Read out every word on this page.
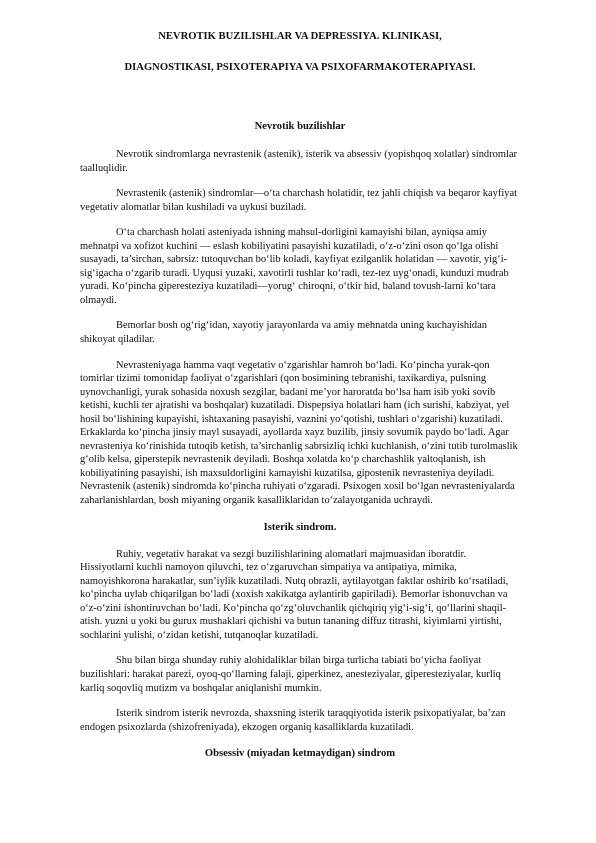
NEVROTIK BUZILISHLAR VA DEPRESSIYA. KLINIKASI,
DIAGNOSTIKASI, PSIXOTERAPIYA VA PSIXOFARMAKOTERAPIYASI.
Nevrotik buzilishlar

Nevrotik sindromlarga nevrastenik (astenik), isterik va absessiv (yopishqoq xolatlar) sindromlar taalluqlidir.

Nevrastenik (astenik) sindromlar—o‘ta charchash holatidir, tez jahli chiqish va beqaror kayfiyat vegetativ alomatlar bilan kushiladi va uykusi buziladi.

O‘ta charchash holati asteniyada ishning mahsul-dorligini kamayishi bilan, ayniqsa amiy mehnatpi va xofizot kuchini — eslash kobiliyatini pasayishi kuzatiladi, o‘z-o‘zini oson qo‘lga olishi susayadi, ta’sirchan, sabrsiz: tutoquvchan bo‘lib koladi, kayfiyat ezilganlik holatidan — xavotir, yig‘i-sig‘igacha o‘zgarib turadi. Uyqusi yuzaki, xavotirli tushlar ko‘radi, tez-tez uyg‘onadi, kunduzi mudrab yuradi. Ko‘pincha giperesteziya kuzatiladi—yorug‘ chiroqni, o‘tkir hid, baland tovush-larni ko‘tara olmaydi.

Bemorlar bosh og‘rig‘idan, xayotiy jarayonlarda va amiy mehnatda uning kuchayishidan shikoyat qiladilar.

Nevrasteniyaga hamma vaqt vegetativ o‘zgarishlar hamroh bo‘ladi. Ko‘pincha yurak-qon tomirlar tizimi tomonidap faoliyat o‘zgarishlari (qon bosimining tebranishi, taxikardiya, pulsning uynovchanligi, yurak sohasida noxush sezgilar, badani me’yor haroratda bo‘lsa ham isib yoki sovib ketishi, kuchli ter ajratishi va boshqalar) kuzatiladi. Dispepsiya holatlari ham (ich surishi, kabziyat, yel hosil bo‘lishining kupayishi, ishtaxaning pasayishi, vaznini yo‘qotishi, tushlari o‘zgarishi) kuzatiladi. Erkaklarda ko‘pincha jinsiy mayl susayadi, ayollarda xayz buzilib, jinsiy sovumik paydo bo‘ladi. Agar nevrasteniya ko‘rinishida tutoqib ketish, ta’sirchanlig sabrsizliq ichki kuchlanish, o‘zini tutib turolmaslik g‘olib kelsa, giperstepik nevrastenik deyiladi. Boshqa xolatda ko‘p charchashlik yaltoqlanish, ish kobiliyatining pasayishi, ish maxsuldorligini kamayishi kuzatilsa, gipostenik nevrasteniya deyiladi. Nevrastenik (astenik) sindromda ko‘pincha ruhiyati o‘zgaradi. Psixogen xosil bo‘lgan nevrasteniyalarda zaharlanishlardan, bosh miyaning organik kasalliklaridan to‘zalayotganida uchraydi.

Isterik sindrom.

Ruhiy, vegetativ harakat va sezgi buzilishlarining alomatlari majmuasidan iboratdir. Hissiyotlarni kuchli namoyon qiluvchi, tez o‘zgaruvchan simpatiya va antipatiya, mimika, namoyishkorona harakatlar, sun’iylik kuzatiladi. Nutq obrazli, aytilayotgan faktlar oshirib ko‘rsatiladi, ko‘pincha uylab chiqarilgan bo‘ladi (xoxish xakikatga aylantirib gapiriladi). Bemorlar ishonuvchan va o‘z-o‘zini ishontiruvchan bo‘ladi. Ko‘pincha qo‘zg‘oluvchanlik qichqiriq yig‘i-sig‘i, qo‘llarini shaqil-atish. yuzni u yoki bu gurux mushaklari qichishi va butun tananing diffuz titrashi, kiyimlarni yirtishi, sochlarini yulishi, o‘zidan ketishi, tutqanoqlar kuzatiladi.

Shu bilan birga shunday ruhiy alohidaliklar bilan birga turlicha tabiati bo‘yicha faoliyat buzilishlari: harakat parezi, oyoq-qo‘llarning falaji, giperkinez, anesteziyalar, giperesteziyalar, kurliq karliq soqovliq mutizm va boshqalar aniqlanishi mumkin.

Isterik sindrom isterik nevrozda, shaxsning isterik taraqqiyotida isterik psixopatiyalar, ba’zan endogen psixozlarda (shizofreniyada), ekzogen organiq kasalliklarda kuzatiladi.

Obsessiv (miyadan ketmaydigan) sindrom
